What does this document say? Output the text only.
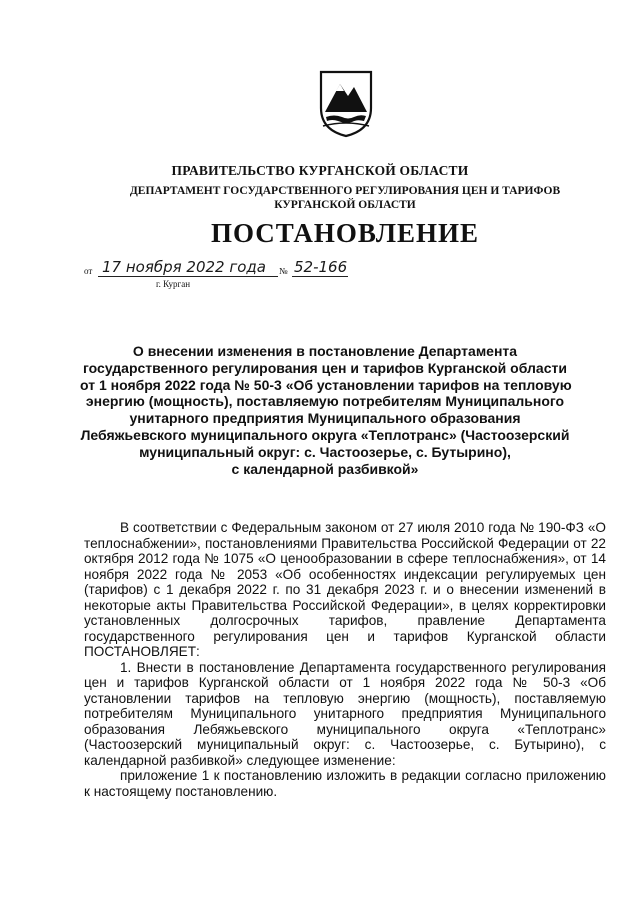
ПРАВИТЕЛЬСТВО КУРГАНСКОЙ ОБЛАСТИ
ДЕПАРТАМЕНТ ГОСУДАРСТВЕННОГО РЕГУЛИРОВАНИЯ ЦЕН И ТАРИФОВ
КУРГАНСКОЙ ОБЛАСТИ
ПОСТАНОВЛЕНИЕ
от 17 ноября 2022 года № 52-166
г. Курган
О внесении изменения в постановление Департамента
государственного регулирования цен и тарифов Курганской области
от 1 ноября 2022 года № 50-3 «Об установлении тарифов на тепловую
энергию (мощность), поставляемую потребителям Муниципального
унитарного предприятия Муниципального образования
Лебяжьевского муниципального округа «Теплотранс» (Частоозерский
муниципальный округ: с. Частоозерье, с. Бутырино),
с календарной разбивкой»

В соответствии с Федеральным законом от 27 июля 2010 года № 190-ФЗ «О теплоснабжении», постановлениями Правительства Российской Федерации от 22 октября 2012 года № 1075 «О ценообразовании в сфере теплоснабжения», от 14 ноября 2022 года № 2053 «Об особенностях индексации регулируемых цен (тарифов) с 1 декабря 2022 г. по 31 декабря 2023 г. и о внесении изменений в некоторые акты Правительства Российской Федерации», в целях корректировки установленных долгосрочных тарифов, правление Департамента государственного регулирования цен и тарифов Курганской области ПОСТАНОВЛЯЕТ:

1. Внести в постановление Департамента государственного регулирования цен и тарифов Курганской области от 1 ноября 2022 года № 50-3 «Об установлении тарифов на тепловую энергию (мощность), поставляемую потребителям Муниципального унитарного предприятия Муниципального образования Лебяжьевского муниципального округа «Теплотранс» (Частоозерский муниципальный округ: с. Частоозерье, с. Бутырино), с календарной разбивкой» следующее изменение:

приложение 1 к постановлению изложить в редакции согласно приложению к настоящему постановлению.
